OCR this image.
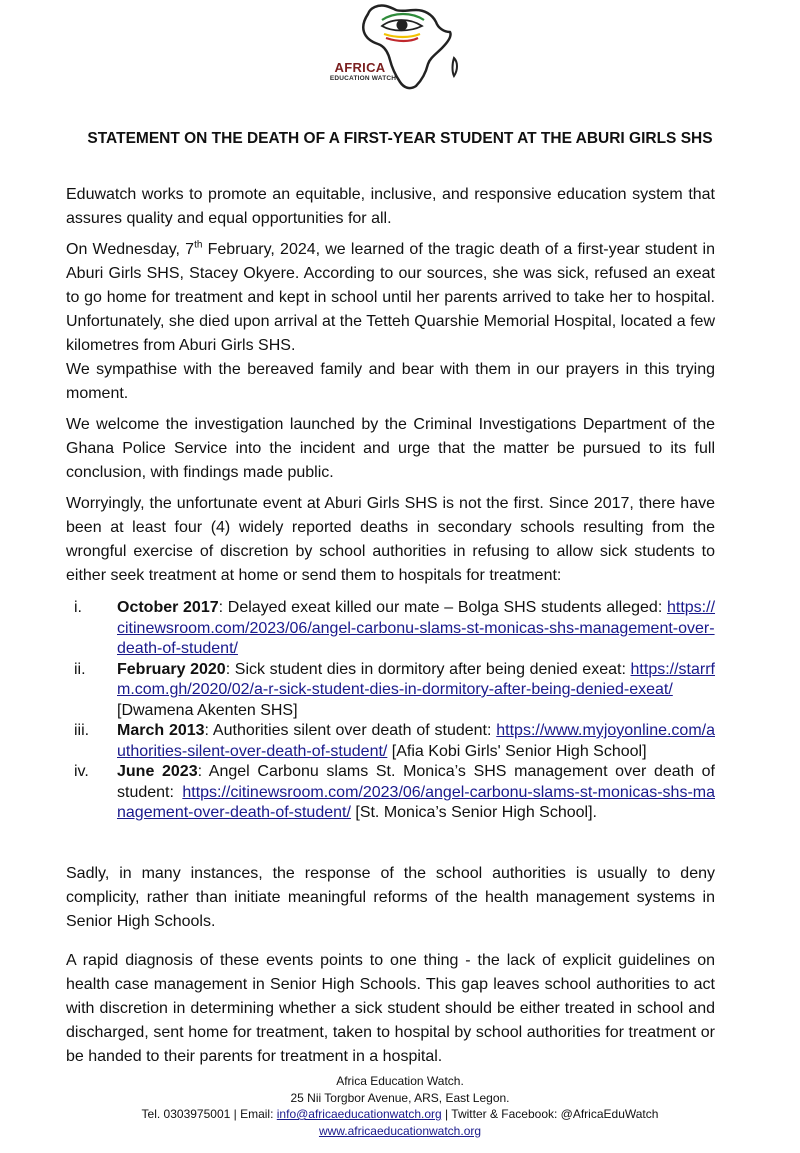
AFRICA
EDUCATION WATCH
STATEMENT ON THE DEATH OF A FIRST-YEAR STUDENT AT THE ABURI GIRLS SHS

Eduwatch works to promote an equitable, inclusive, and responsive education system that assures quality and equal opportunities for all.

On Wednesday, 7th February, 2024, we learned of the tragic death of a first-year student in Aburi Girls SHS, Stacey Okyere. According to our sources, she was sick, refused an exeat to go home for treatment and kept in school until her parents arrived to take her to hospital. Unfortunately, she died upon arrival at the Tetteh Quarshie Memorial Hospital, located a few kilometres from Aburi Girls SHS.

We sympathise with the bereaved family and bear with them in our prayers in this trying moment.

We welcome the investigation launched by the Criminal Investigations Department of the Ghana Police Service into the incident and urge that the matter be pursued to its full conclusion, with findings made public.

Worryingly, the unfortunate event at Aburi Girls SHS is not the first. Since 2017, there have been at least four (4) widely reported deaths in secondary schools resulting from the wrongful exercise of discretion by school authorities in refusing to allow sick students to either seek treatment at home or send them to hospitals for treatment:

i.	October 2017: Delayed exeat killed our mate – Bolga SHS students alleged: https://citinewsroom.com/2023/06/angel-carbonu-slams-st-monicas-shs-management-over-death-of-student/
ii.	February 2020: Sick student dies in dormitory after being denied exeat: https://starrfm.com.gh/2020/02/a-r-sick-student-dies-in-dormitory-after-being-denied-exeat/ [Dwamena Akenten SHS]
iii.	March 2013: Authorities silent over death of student: https://www.myjoyonline.com/authorities-silent-over-death-of-student/ [Afia Kobi Girls' Senior High School]
iv.	June 2023: Angel Carbonu slams St. Monica’s SHS management over death of student: https://citinewsroom.com/2023/06/angel-carbonu-slams-st-monicas-shs-management-over-death-of-student/ [St. Monica’s Senior High School].

Sadly, in many instances, the response of the school authorities is usually to deny complicity, rather than initiate meaningful reforms of the health management systems in Senior High Schools.

A rapid diagnosis of these events points to one thing - the lack of explicit guidelines on health case management in Senior High Schools. This gap leaves school authorities to act with discretion in determining whether a sick student should be either treated in school and discharged, sent home for treatment, taken to hospital by school authorities for treatment or be handed to their parents for treatment in a hospital.

Africa Education Watch.
25 Nii Torgbor Avenue, ARS, East Legon.
Tel. 0303975001 | Email: info@africaeducationwatch.org | Twitter & Facebook: @AfricaEduWatch
www.africaeducationwatch.org
